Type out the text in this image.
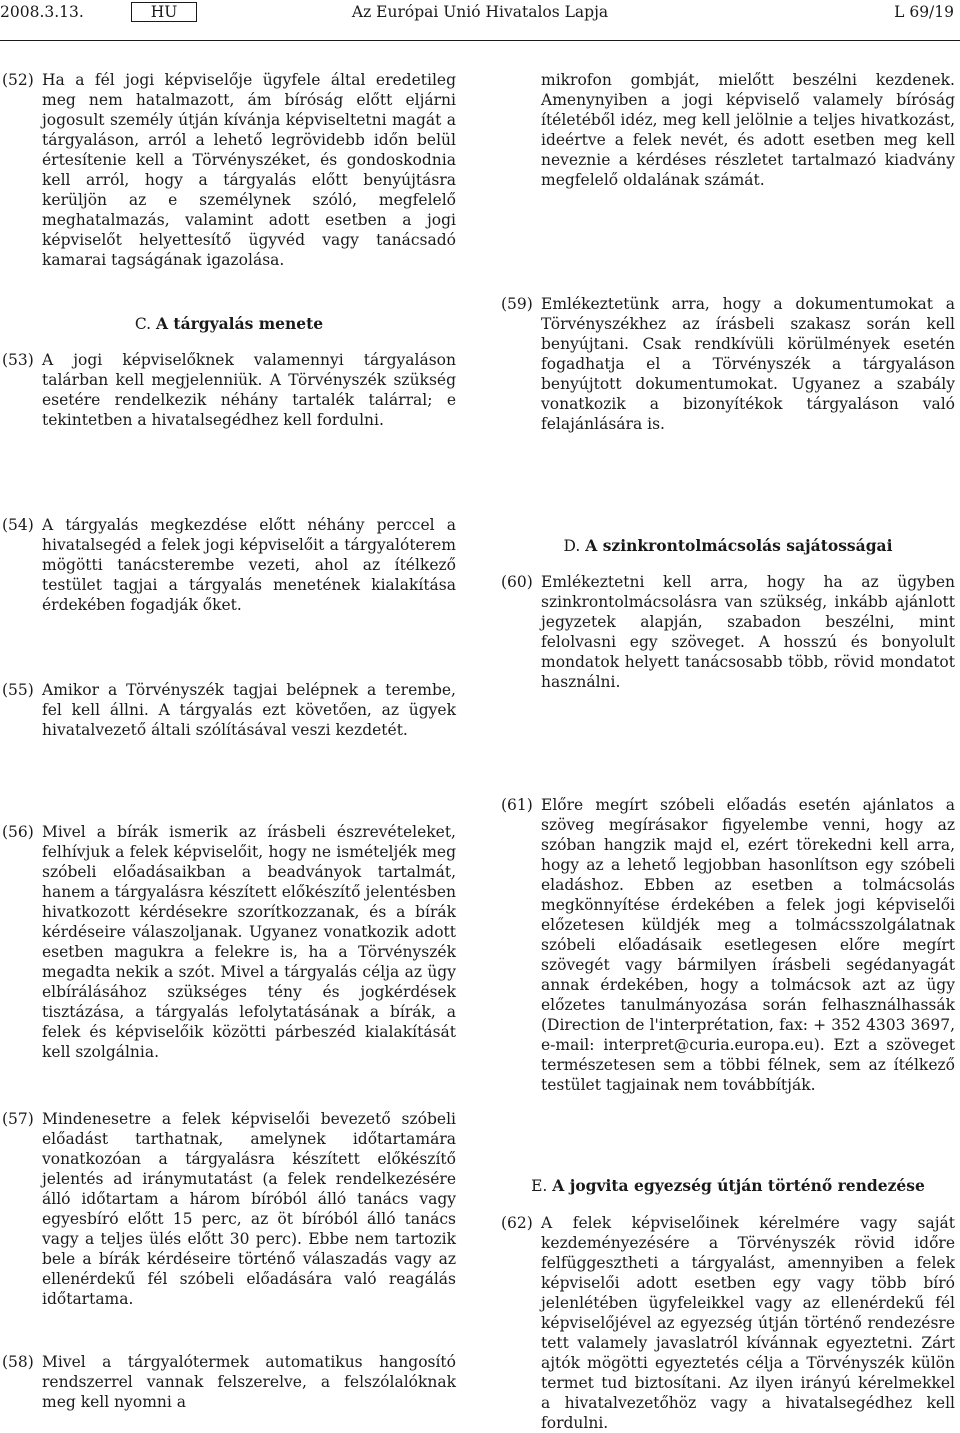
2008.3.13.	HU	Az Európai Unió Hivatalos Lapja	L 69/19
(52) Ha a fél jogi képviselője ügyfele által eredetileg meg nem hatalmazott, ám bíróság előtt eljárni jogosult személy útján kívánja képviseltetni magát a tárgyaláson, arról a lehető legrövidebb időn belül értesítenie kell a Törvényszéket, és gondoskodnia kell arról, hogy a tárgyalás előtt benyújtásra kerüljön az e személynek szóló, megfelelő meghatalmazás, valamint adott esetben a jogi képviselőt helyettesítő ügyvéd vagy tanácsadó kamarai tagságának igazolása.
C. A tárgyalás menete
(53) A jogi képviselőknek valamennyi tárgyaláson talárban kell megjelenniük. A Törvényszék szükség esetére rendelkezik néhány tartalék talárral; e tekintetben a hivatalsegédhez kell fordulni.
(54) A tárgyalás megkezdése előtt néhány perccel a hivatalsegéd a felek jogi képviselőit a tárgyalóterem mögötti tanácsterembe vezeti, ahol az ítélkező testület tagjai a tárgyalás menetének kialakítása érdekében fogadják őket.
(55) Amikor a Törvényszék tagjai belépnek a terembe, fel kell állni. A tárgyalás ezt követően, az ügyek hivatalvezető általi szólításával veszi kezdetét.
(56) Mivel a bírák ismerik az írásbeli észrevételeket, felhívjuk a felek képviselőit, hogy ne ismételjék meg szóbeli előadásaikban a beadványok tartalmát, hanem a tárgyalásra készített előkészítő jelentésben hivatkozott kérdésekre szorítkozzanak, és a bírák kérdéseire válaszoljanak. Ugyanez vonatkozik adott esetben magukra a felekre is, ha a Törvényszék megadta nekik a szót. Mivel a tárgyalás célja az ügy elbírálásához szükséges tény és jogkérdések tisztázása, a tárgyalás lefolytatásának a bírák, a felek és képviselőik közötti párbeszéd kialakítását kell szolgálnia.
(57) Mindenesetre a felek képviselői bevezető szóbeli előadást tarthatnak, amelynek időtartamára vonatkozóan a tárgyalásra készített előkészítő jelentés ad iránymutatást (a felek rendelkezésére álló időtartam a három bíróból álló tanács vagy egyesbíró előtt 15 perc, az öt bíróból álló tanács vagy a teljes ülés előtt 30 perc). Ebbe nem tartozik bele a bírák kérdéseire történő válaszadás vagy az ellenérdekű fél szóbeli előadására való reagálás időtartama.
(58) Mivel a tárgyalótermek automatikus hangosító rendszerrel vannak felszerelve, a felszólalóknak meg kell nyomni a
mikrofon gombját, mielőtt beszélni kezdenek. Amenynyiben a jogi képviselő valamely bíróság ítéletéből idéz, meg kell jelölnie a teljes hivatkozást, ideértve a felek nevét, és adott esetben meg kell neveznie a kérdéses részletet tartalmazó kiadvány megfelelő oldalának számát.
(59) Emlékeztetünk arra, hogy a dokumentumokat a Törvényszékhez az írásbeli szakasz során kell benyújtani. Csak rendkívüli körülmények esetén fogadhatja el a Törvényszék a tárgyaláson benyújtott dokumentumokat. Ugyanez a szabály vonatkozik a bizonyítékok tárgyaláson való felajánlására is.
D. A szinkrontolmácsolás sajátosságai
(60) Emlékeztetni kell arra, hogy ha az ügyben szinkrontolmácsolásra van szükség, inkább ajánlott jegyzetek alapján, szabadon beszélni, mint felolvasni egy szöveget. A hosszú és bonyolult mondatok helyett tanácsosabb több, rövid mondatot használni.
(61) Előre megírt szóbeli előadás esetén ajánlatos a szöveg megírásakor figyelembe venni, hogy az szóban hangzik majd el, ezért törekedni kell arra, hogy az a lehető legjobban hasonlítson egy szóbeli eladáshoz. Ebben az esetben a tolmácsolás megkönnyítése érdekében a felek jogi képviselői előzetesen küldjék meg a tolmácsszolgálatnak szóbeli előadásaik esetlegesen előre megírt szövegét vagy bármilyen írásbeli segédanyagát annak érdekében, hogy a tolmácsok azt az ügy előzetes tanulmányozása során felhasználhassák (Direction de l'interprétation, fax: + 352 4303 3697, e-mail: interpret@curia.europa.eu). Ezt a szöveget természetesen sem a többi félnek, sem az ítélkező testület tagjainak nem továbbítják.
E. A jogvita egyezség útján történő rendezése
(62) A felek képviselőinek kérelmére vagy saját kezdeményezésére a Törvényszék rövid időre felfüggesztheti a tárgyalást, amennyiben a felek képviselői adott esetben egy vagy több bíró jelenlétében ügyfeleikkel vagy az ellenérdekű fél képviselőjével az egyezség útján történő rendezésre tett valamely javaslatról kívánnak egyeztetni. Zárt ajtók mögötti egyeztetés célja a Törvényszék külön termet tud biztosítani. Az ilyen irányú kérelmekkel a hivatalvezetőhöz vagy a hivatalsegédhez kell fordulni.
